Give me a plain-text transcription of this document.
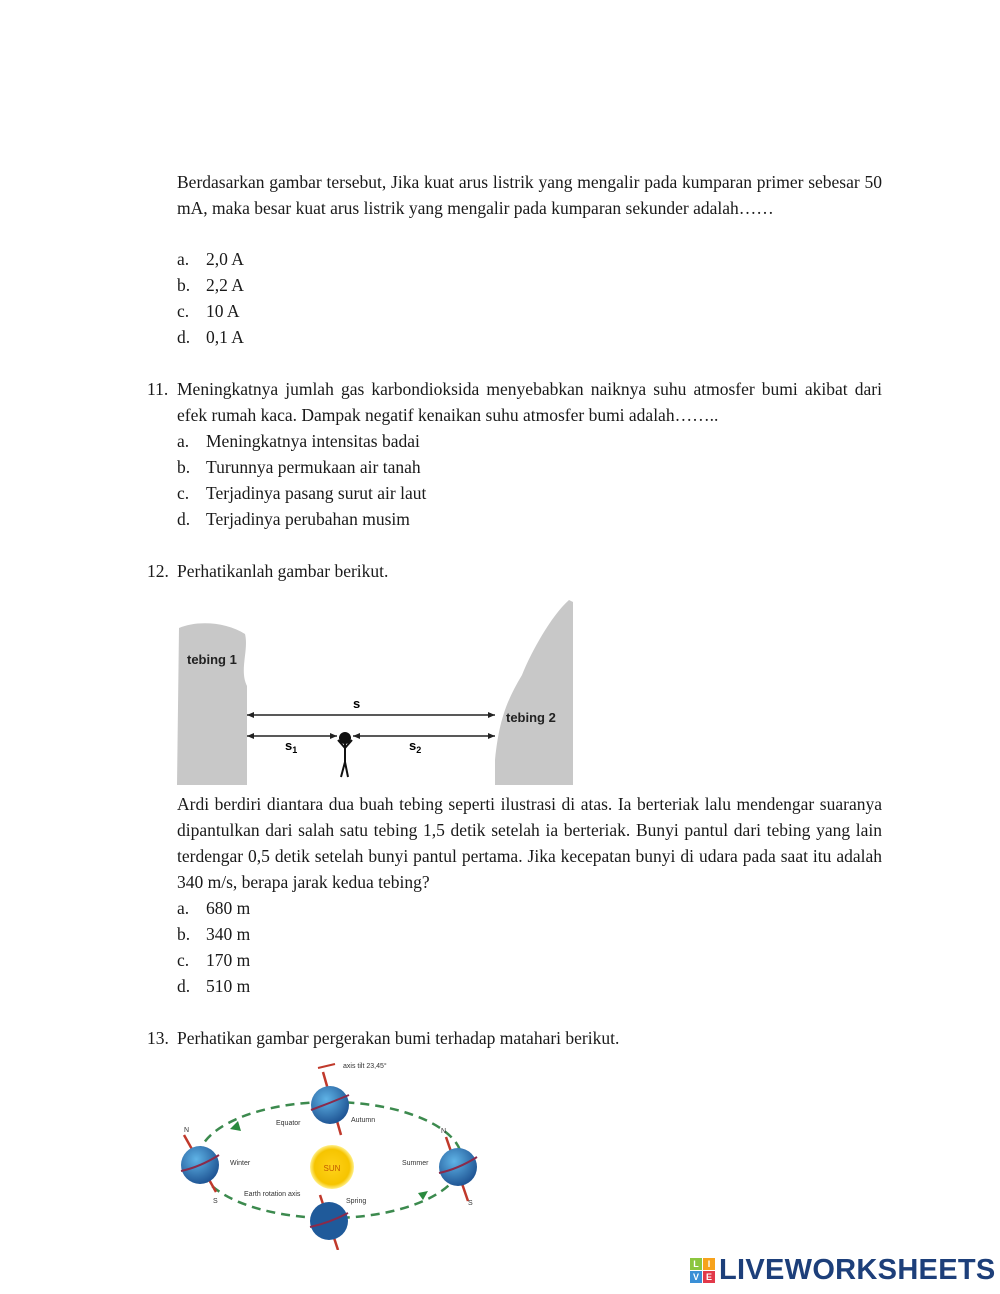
Berdasarkan gambar tersebut, Jika kuat arus listrik yang mengalir pada kumparan primer sebesar 50 mA, maka besar kuat arus listrik yang mengalir pada kumparan sekunder adalah……
a. 2,0 A
b. 2,2 A
c. 10 A
d. 0,1 A
11. Meningkatnya jumlah gas karbondioksida menyebabkan naiknya suhu atmosfer bumi akibat dari efek rumah kaca. Dampak negatif kenaikan suhu atmosfer bumi adalah……..
a. Meningkatnya intensitas badai
b. Turunnya permukaan air tanah
c. Terjadinya pasang surut air laut
d. Terjadinya perubahan musim
12. Perhatikanlah gambar berikut.
tebing 1
tebing 2
s
$s_1$	$s_2$
Ardi berdiri diantara dua buah tebing seperti ilustrasi di atas. Ia berteriak lalu mendengar suaranya dipantulkan dari salah satu tebing 1,5 detik setelah ia berteriak. Bunyi pantul dari tebing yang lain terdengar 0,5 detik setelah bunyi pantul pertama. Jika kecepatan bunyi di udara pada saat itu adalah 340 m/s, berapa jarak kedua tebing?
a. 680 m
b. 340 m
c. 170 m
d. 510 m
13. Perhatikan gambar pergerakan bumi terhadap matahari berikut.
SUN
axis tilt 23,45°
Equator	Autumn
N
S
Winter
N
S
Summer
Earth rotation axis
Spring
L I
V E LIVEWORKSHEETS
